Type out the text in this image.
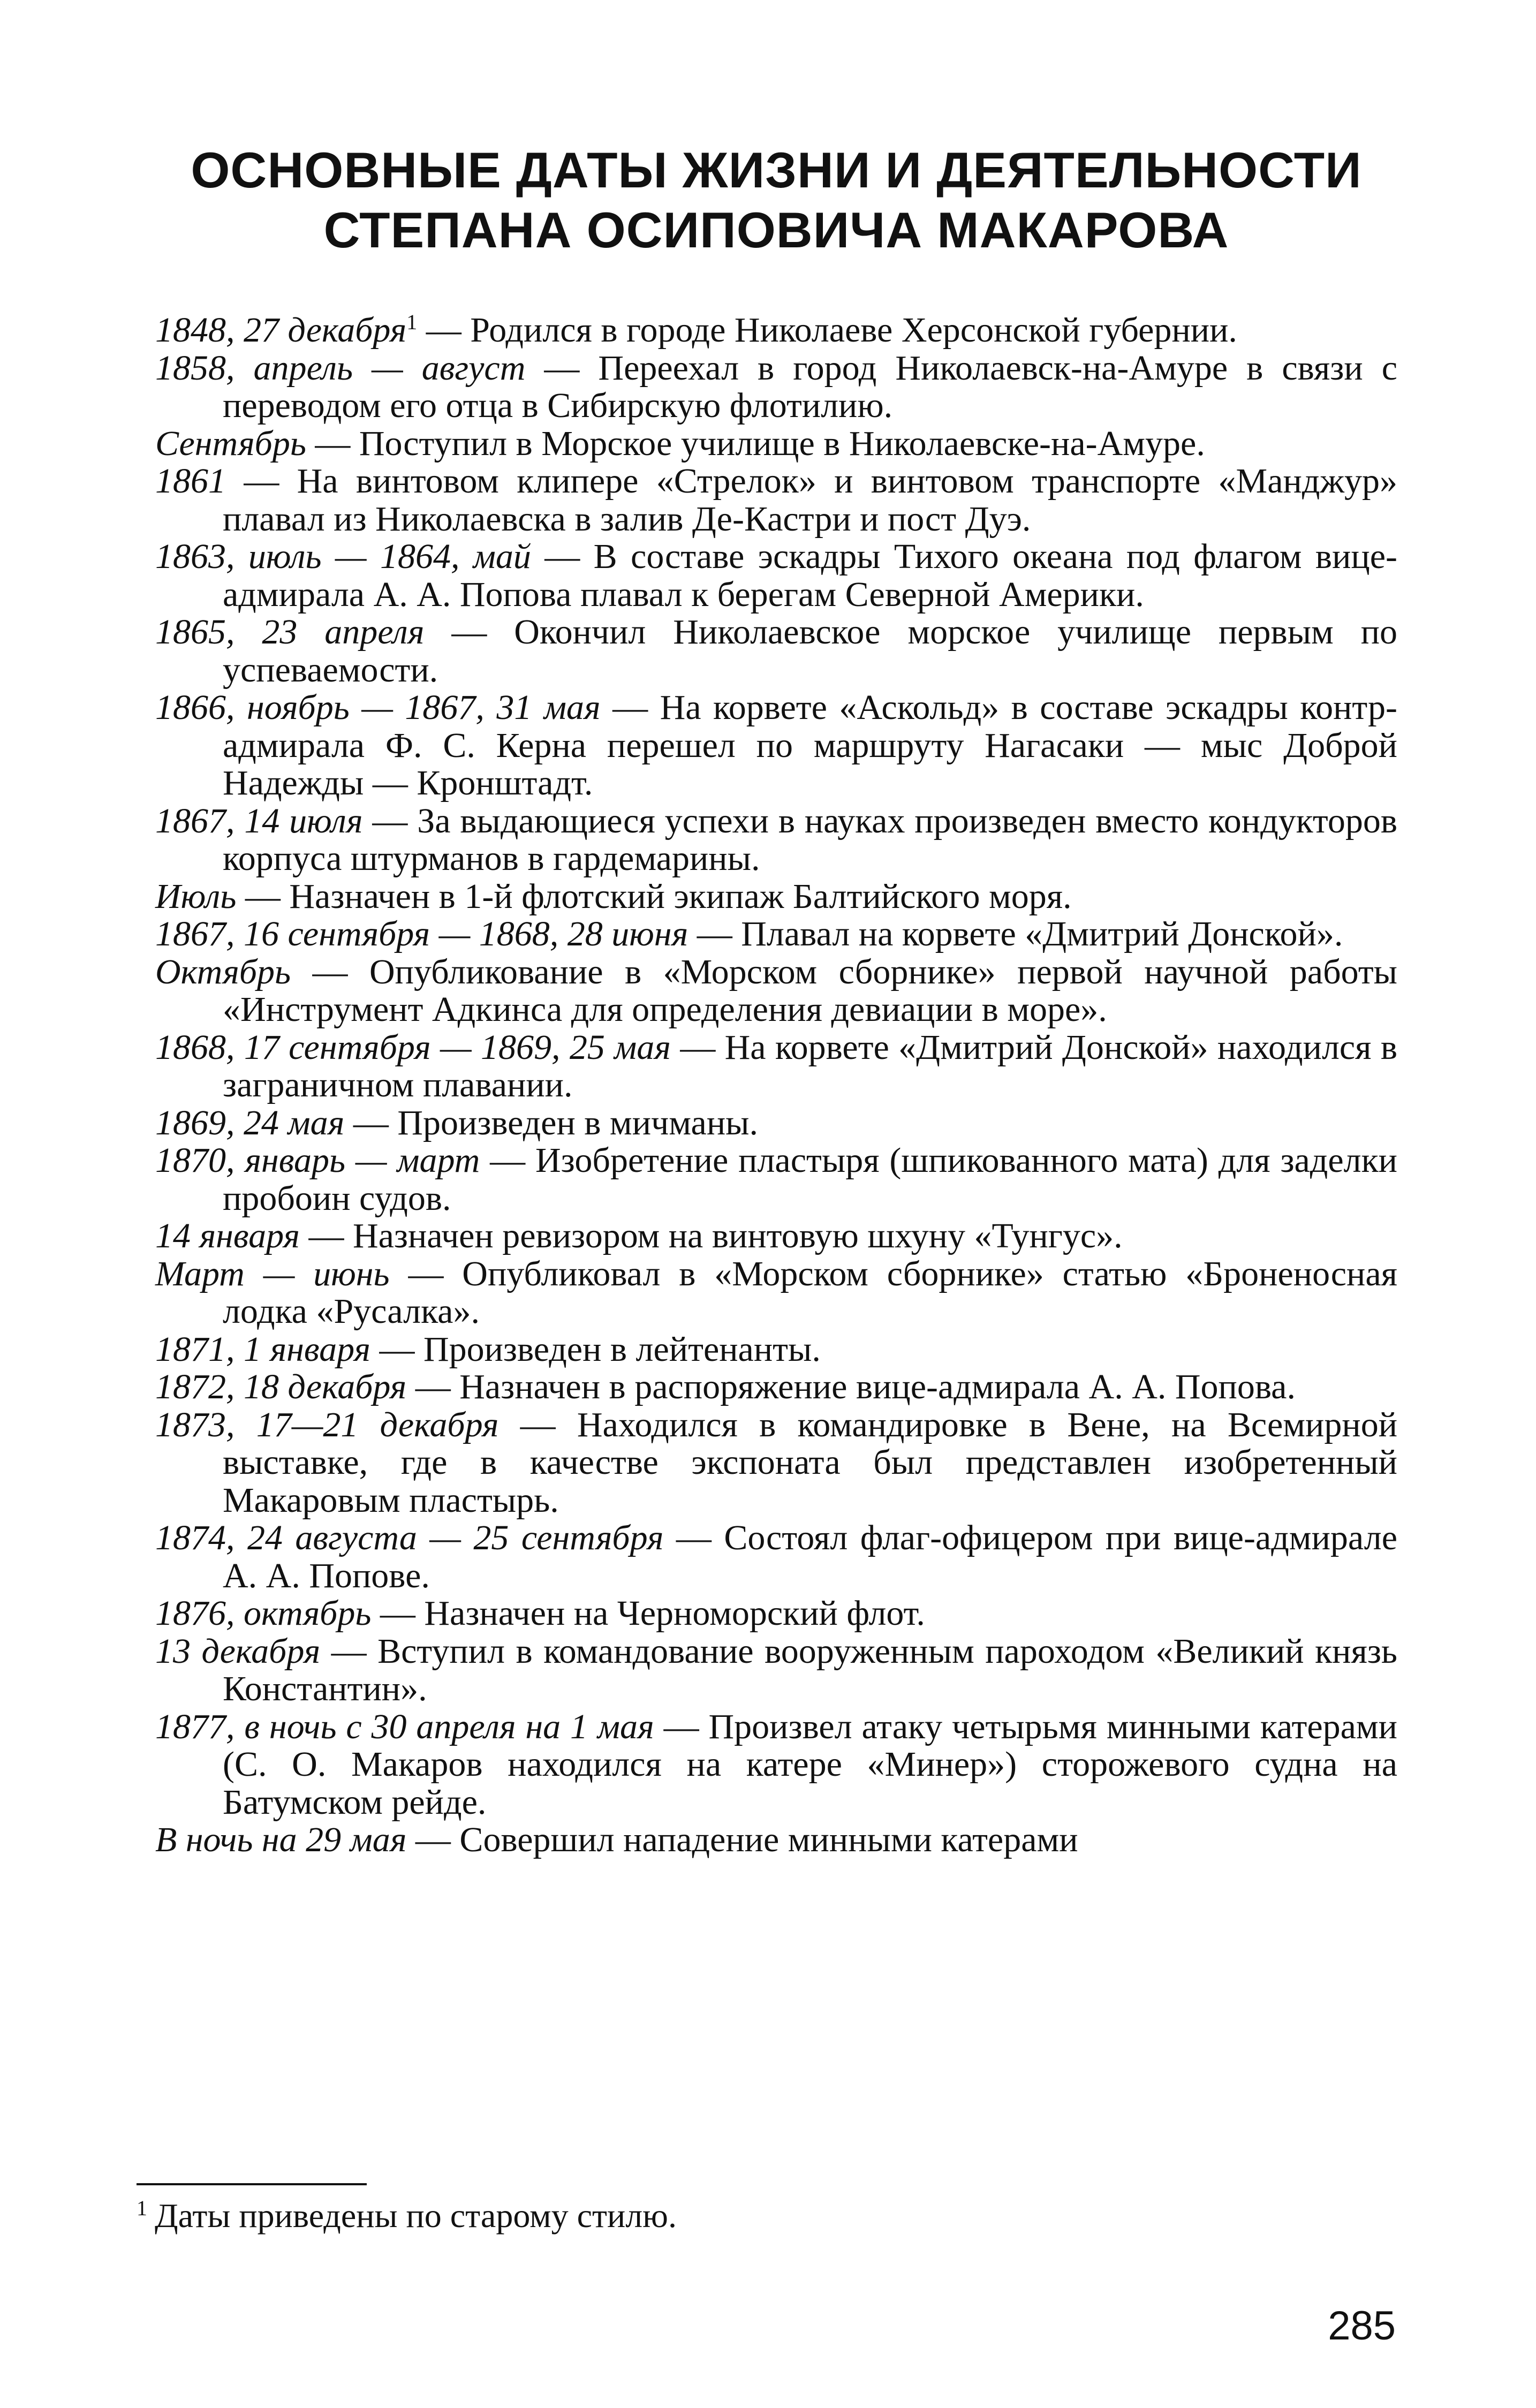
ОСНОВНЫЕ ДАТЫ ЖИЗНИ И ДЕЯТЕЛЬНОСТИ
СТЕПАНА ОСИПОВИЧА МАКАРОВА
1848, 27 декабря$^1$ — Родился в городе Николаеве Херсонской губернии.
1858, апрель — август — Переехал в город Николаевск-на-Амуре в связи с переводом его отца в Сибирскую флотилию.
Сентябрь — Поступил в Морское училище в Николаевске-на-Амуре.
1861 — На винтовом клипере «Стрелок» и винтовом транспорте «Манджур» плавал из Николаевска в залив Де-Кастри и пост Дуэ.
1863, июль — 1864, май — В составе эскадры Тихого океана под флагом вице-адмирала А. А. Попова плавал к берегам Северной Америки.
1865, 23 апреля — Окончил Николаевское морское училище первым по успеваемости.
1866, ноябрь — 1867, 31 мая — На корвете «Аскольд» в составе эскадры контр-адмирала Ф. С. Керна перешел по маршруту Нагасаки — мыс Доброй Надежды — Кронштадт.
1867, 14 июля — За выдающиеся успехи в науках произведен вместо кондукторов корпуса штурманов в гардемарины.
Июль — Назначен в 1-й флотский экипаж Балтийского моря.
1867, 16 сентября — 1868, 28 июня — Плавал на корвете «Дмитрий Донской».
Октябрь — Опубликование в «Морском сборнике» первой научной работы «Инструмент Адкинса для определения девиации в море».
1868, 17 сентября — 1869, 25 мая — На корвете «Дмитрий Донской» находился в заграничном плавании.
1869, 24 мая — Произведен в мичманы.
1870, январь — март — Изобретение пластыря (шпикованного мата) для заделки пробоин судов.
14 января — Назначен ревизором на винтовую шхуну «Тунгус».
Март — июнь — Опубликовал в «Морском сборнике» статью «Броненосная лодка «Русалка».
1871, 1 января — Произведен в лейтенанты.
1872, 18 декабря — Назначен в распоряжение вице-адмирала А. А. Попова.
1873, 17—21 декабря — Находился в командировке в Вене, на Всемирной выставке, где в качестве экспоната был представлен изобретенный Макаровым пластырь.
1874, 24 августа — 25 сентября — Состоял флаг-офицером при вице-адмирале А. А. Попове.
1876, октябрь — Назначен на Черноморский флот.
13 декабря — Вступил в командование вооруженным пароходом «Великий князь Константин».
1877, в ночь с 30 апреля на 1 мая — Произвел атаку четырьмя минными катерами (С. О. Макаров находился на катере «Минер») сторожевого судна на Батумском рейде.
В ночь на 29 мая — Совершил нападение минными катерами
$^1$ Даты приведены по старому стилю.
285
